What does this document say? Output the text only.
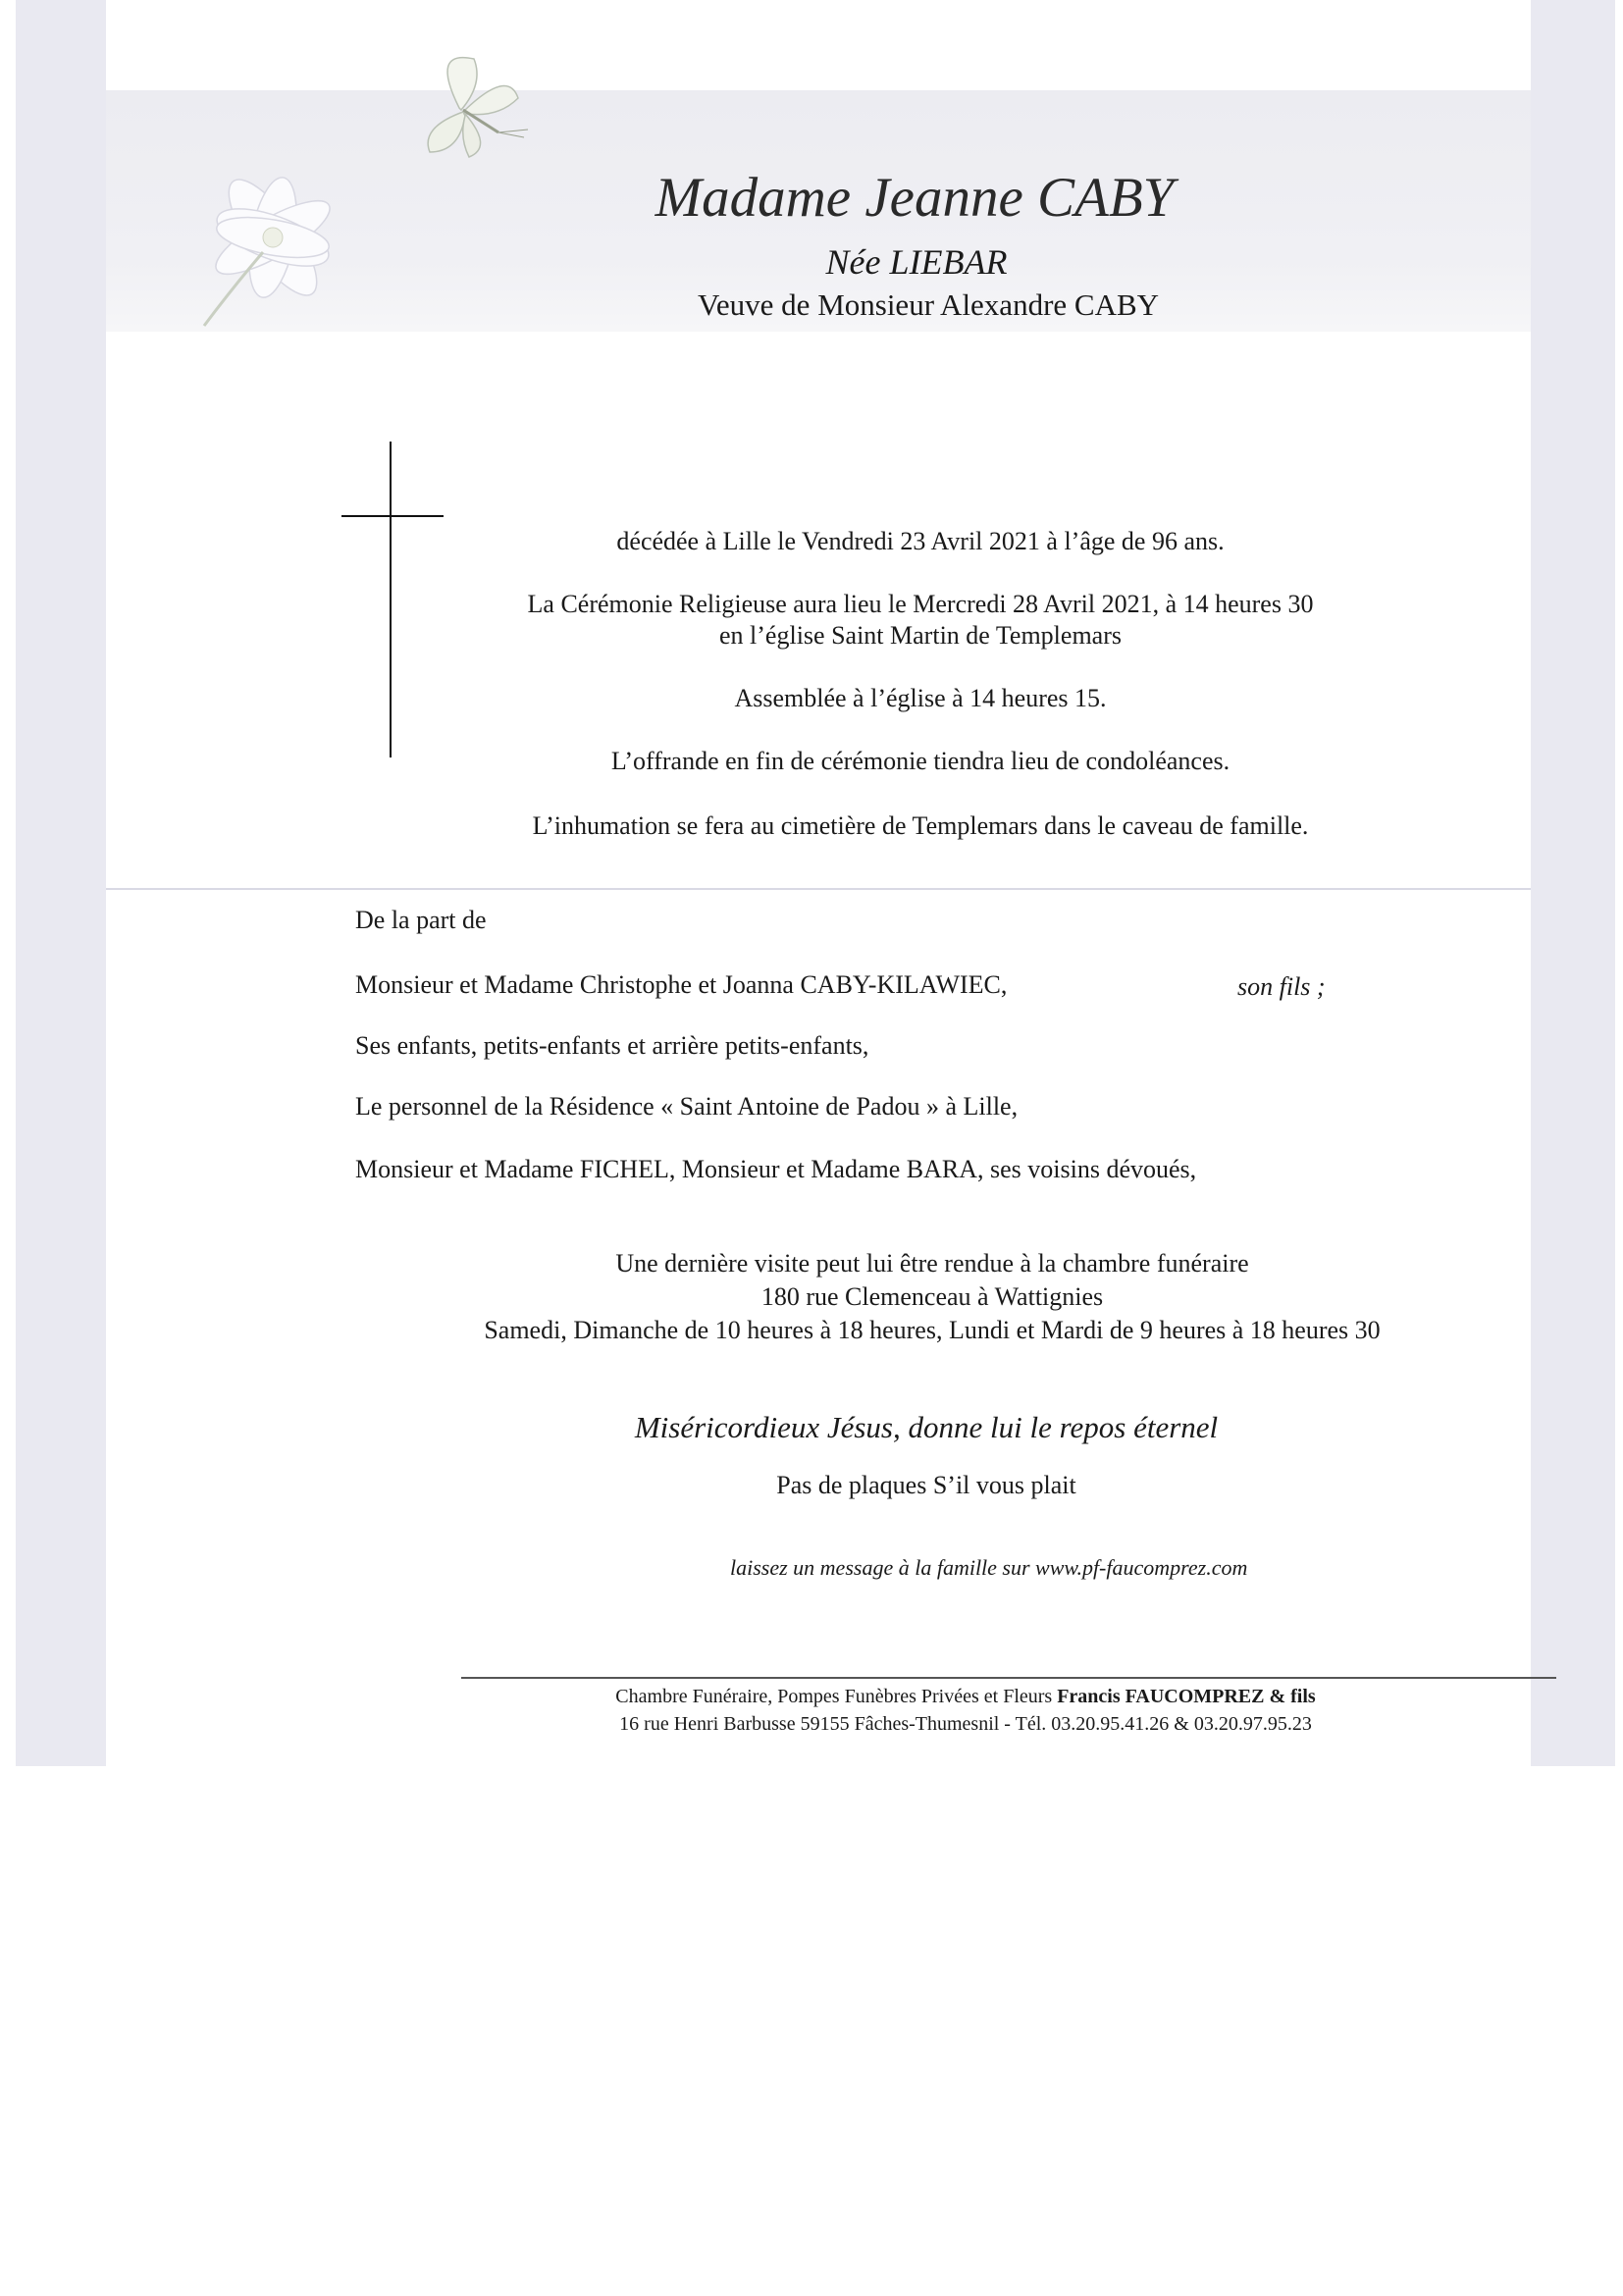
Madame Jeanne CABY

Née LIEBAR

Veuve de Monsieur Alexandre CABY

décédée à Lille le Vendredi 23 Avril 2021 à l’âge de 96 ans.

La Cérémonie Religieuse aura lieu le Mercredi 28 Avril 2021, à 14 heures 30

en l’église Saint Martin de Templemars

Assemblée à l’église à 14 heures 15.

L’offrande en fin de cérémonie tiendra lieu de condoléances.

L’inhumation se fera au cimetière de Templemars dans le caveau de famille.

De la part de

Monsieur et Madame Christophe et Joanna CABY-KILAWIEC,	son fils ;

Ses enfants, petits-enfants et arrière petits-enfants,

Le personnel de la Résidence « Saint Antoine de Padou » à Lille,

Monsieur et Madame FICHEL, Monsieur et Madame BARA, ses voisins dévoués,

Une dernière visite peut lui être rendue à la chambre funéraire

180 rue Clemenceau à Wattignies

Samedi, Dimanche de 10 heures à 18 heures, Lundi et Mardi de 9 heures à 18 heures 30

Miséricordieux Jésus, donne lui le repos éternel

Pas de plaques S’il vous plait

laissez un message à la famille sur www.pf-faucomprez.com

Chambre Funéraire, Pompes Funèbres Privées et Fleurs Francis FAUCOMPREZ & fils

16 rue Henri Barbusse 59155 Fâches-Thumesnil - Tél. 03.20.95.41.26 & 03.20.97.95.23
